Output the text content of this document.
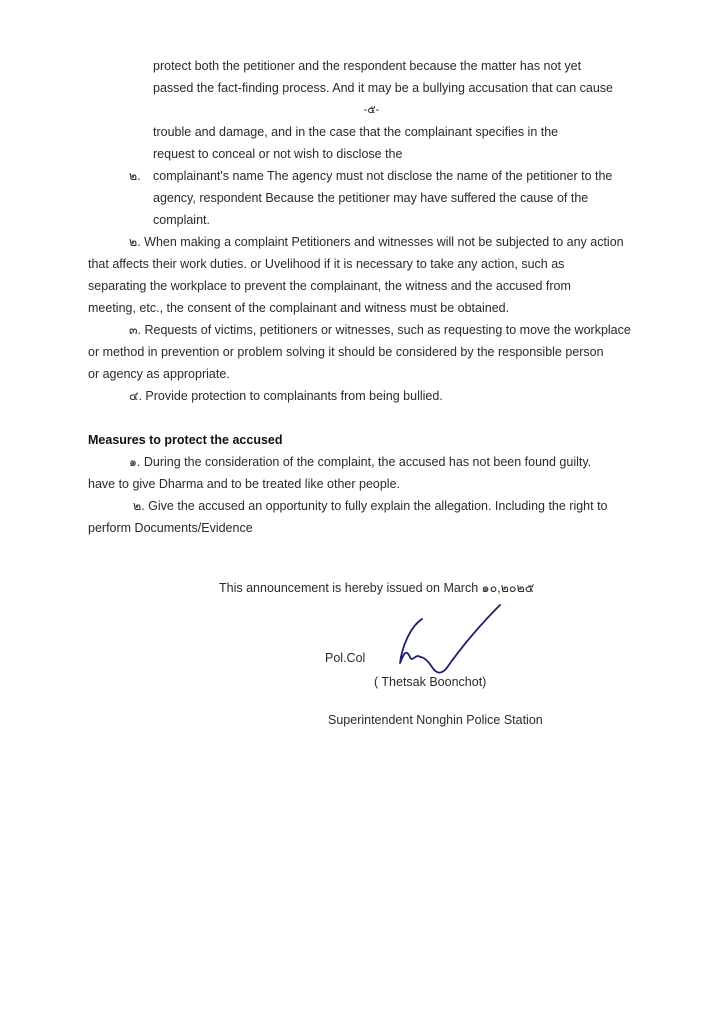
protect both the petitioner and the respondent because the matter has not yet
passed the fact-finding process. And it may be a bullying accusation that can cause
-๕-
trouble and damage, and in the case that the complainant specifies in the
request to conceal or not wish to disclose the
๒. complainant's name The agency must not disclose the name of the petitioner to the
agency, respondent Because the petitioner may have suffered the cause of the
complaint.
๒. When making a complaint Petitioners and witnesses will not be subjected to any action
that affects their work duties. or Uvelihood if it is necessary to take any action, such as
separating the workplace to prevent the complainant, the witness and the accused from
meeting, etc., the consent of the complainant and witness must be obtained.
๓. Requests of victims, petitioners or witnesses, such as requesting to move the workplace
or method in prevention or problem solving it should be considered by the responsible person
or agency as appropriate.
๔. Provide protection to complainants from being bullied.
Measures to protect the accused
๑. During the consideration of the complaint, the accused has not been found guilty.
have to give Dharma and to be treated like other people.
๒. Give the accused an opportunity to fully explain the allegation. Including the right to
perform Documents/Evidence
This announcement is hereby issued on March ๑๐,๒๐๒๕
Pol.Col
( Thetsak Boonchot)
Superintendent Nonghin Police Station
